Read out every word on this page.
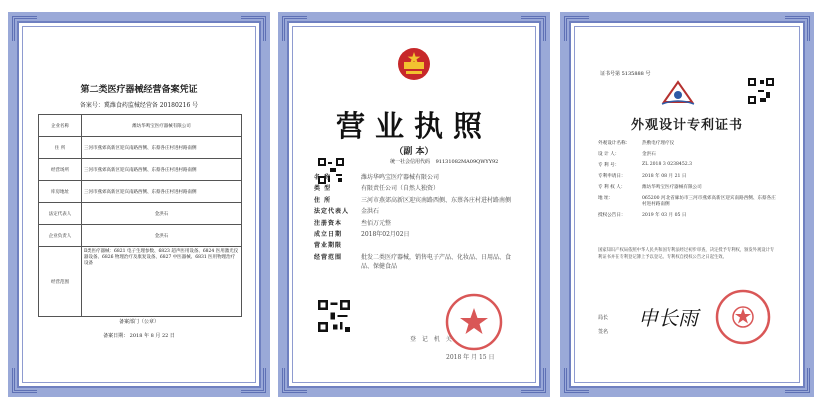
第二类医疗器械经营备案凭证
备案号：冀潍食药监械经营备 20180216 号
企业名称	潍坊华鸣宝医疗器械有限公司
住 所	三河市燕郊高新区迎宾南路西侧、东蔡各庄村进村路南侧
经营场所	三河市燕郊高新区迎宾南路西侧、东蔡各庄村进村路南侧
库房地址	三河市燕郊高新区迎宾南路西侧、东蔡各庄村进村路南侧
法定代表人	金洪石
企业负责人	金洪石
经营范围	Ⅱ类医疗器械：6821 电子生理参数、6823 超声医用设备、6824 医用激光仪器设备、6826 物理治疗及康复设备、6827 中医器械、6831 医用物理治疗设备
备案部门（公章）
备案日期： 2018 年 8 月 22 日
营业执照
（副 本）
统一社会信用代码 91131082MA09QWYY92
名 称	潍坊华鸣宝医疗器械有限公司
类 型	有限责任公司（自然人独资）
住 所	三河市燕郊高新区迎宾南路西侧、东蔡各庄村进村路南侧
法定代表人	金洪石
注册资本	叁佰万元整
成立日期	2018年02月02日
营业期限
经营范围	批发二类医疗器械，销售电子产品、化妆品、日用品、食品、保健食品
登 记 机 关
2018 年 月 15 日
证书号第 5135888 号
外观设计专利证书
外观设计名称：	热敷电疗理疗仪
设 计 人：	金洪石
专 利 号：	ZL 2018 3 0238452.3
专利申请日：	2018 年 08 月 21 日
专 利 权 人：	潍坊华鸣宝医疗器械有限公司
地 址：	065200 河北省廊坊市三河市燕郊高新区迎宾南路西侧、东蔡各庄村进村路南侧
授权公告日：	2019 年 03 月 05 日
国家知识产权局依照中华人民共和国专利法经过初步审查，决定授予专利权，颁发外观设计专利证书并在专利登记簿上予以登记。专利权自授权公告之日起生效。
局长
签名
申长雨
